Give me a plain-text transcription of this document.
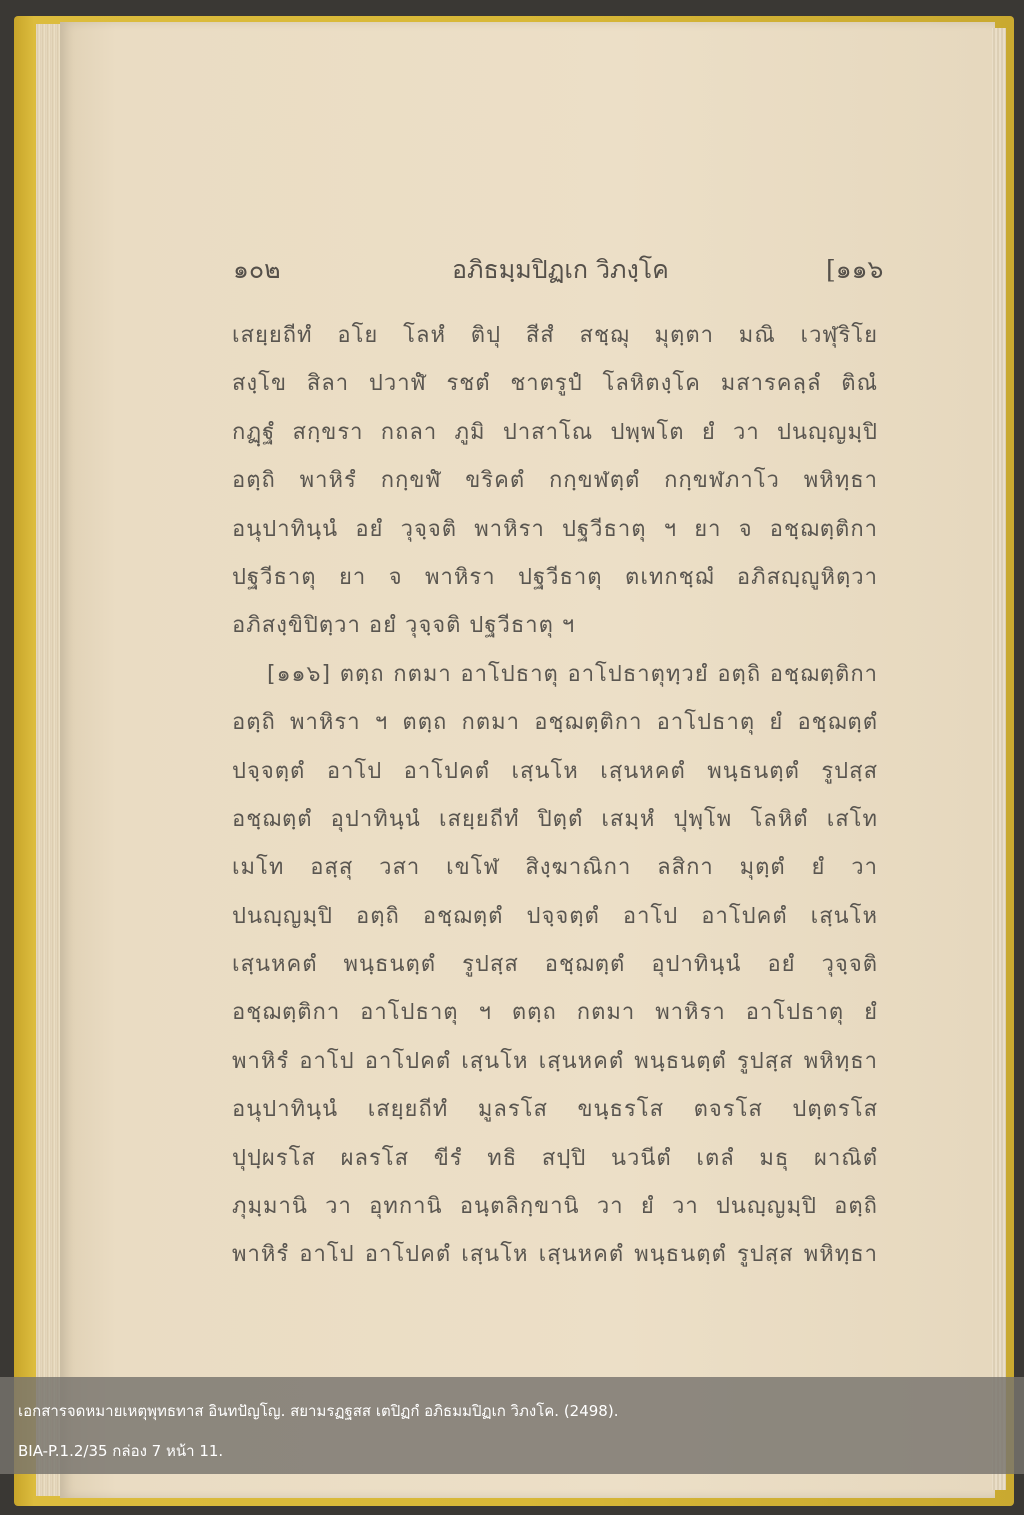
๑๐๒	อภิธมฺมปิฏเก วิภงฺโค	[๑๑๖
เสยฺยถีทํ อโย โลหํ ติปุ สีสํ สชฺฌุ มุตฺตา มณิ เวฬุริโย
สงฺโข สิลา ปวาฬํ รชตํ ชาตรูปํ โลหิตงฺโค มสารคลฺลํ ติณํ
กฏฺฐํ สกฺขรา กถลา ภูมิ ปาสาโณ ปพฺพโต ยํ วา ปนญฺญมฺปิ
อตฺถิ พาหิรํ กกฺขฬํ ขริคตํ กกฺขฬตฺตํ กกฺขฬภาโว พหิทฺธา
อนุปาทินฺนํ อยํ วุจฺจติ พาหิรา ปฐวีธาตุ ฯ ยา จ อชฺฌตฺติกา
ปฐวีธาตุ ยา จ พาหิรา ปฐวีธาตุ ตเทกชฺฌํ อภิสญฺญูหิตฺวา
อภิสงฺขิปิตฺวา อยํ วุจฺจติ ปฐวีธาตุ ฯ
[๑๑๖] ตตฺถ กตมา อาโปธาตุ อาโปธาตุทฺวยํ อตฺถิ อชฺฌตฺติกา
อตฺถิ พาหิรา ฯ ตตฺถ กตมา อชฺฌตฺติกา อาโปธาตุ ยํ อชฺฌตฺตํ
ปจฺจตฺตํ อาโป อาโปคตํ เสฺนโห เสฺนหคตํ พนฺธนตฺตํ รูปสฺส
อชฺฌตฺตํ อุปาทินฺนํ เสยฺยถีทํ ปิตฺตํ เสมฺหํ ปุพฺโพ โลหิตํ เสโท
เมโท อสฺสุ วสา เขโฬ สิงฺฆาณิกา ลสิกา มุตฺตํ ยํ วา
ปนญฺญมฺปิ อตฺถิ อชฺฌตฺตํ ปจฺจตฺตํ อาโป อาโปคตํ เสฺนโห
เสฺนหคตํ พนฺธนตฺตํ รูปสฺส อชฺฌตฺตํ อุปาทินฺนํ อยํ วุจฺจติ
อชฺฌตฺติกา อาโปธาตุ ฯ ตตฺถ กตมา พาหิรา อาโปธาตุ ยํ
พาหิรํ อาโป อาโปคตํ เสฺนโห เสฺนหคตํ พนฺธนตฺตํ รูปสฺส พหิทฺธา
อนุปาทินฺนํ เสยฺยถีทํ มูลรโส ขนฺธรโส ตจรโส ปตฺตรโส
ปุปฺผรโส ผลรโส ขีรํ ทธิ สปฺปิ นวนีตํ เตลํ มธุ ผาณิตํ
ภุมฺมานิ วา อุทกานิ อนฺตลิกฺขานิ วา ยํ วา ปนญฺญมฺปิ อตฺถิ
พาหิรํ อาโป อาโปคตํ เสฺนโห เสฺนหคตํ พนฺธนตฺตํ รูปสฺส พหิทฺธา
เอกสารจดหมายเหตุพุทธทาส อินทปัญโญ. สยามรฏฐสส เตปิฏกํ อภิธมมปิฏเก วิภงโค. (2498).
BIA-P.1.2/35 กล่อง 7 หน้า 11.
